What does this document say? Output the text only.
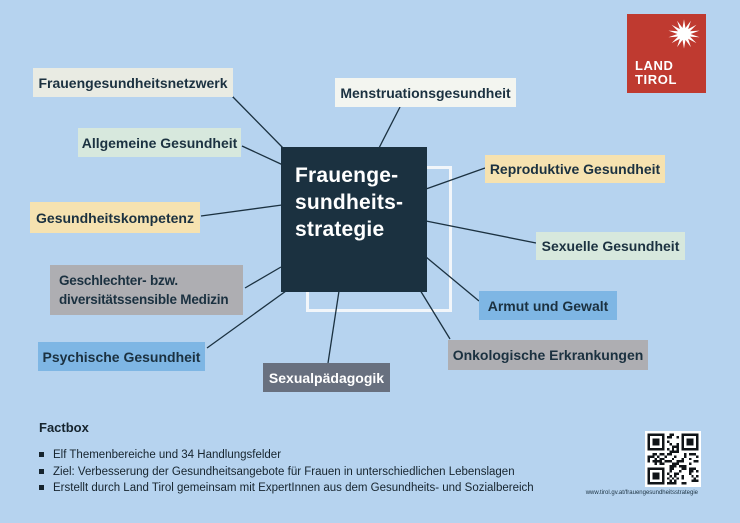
Frauenge-
sundheits-
strategie
Frauengesundheitsnetzwerk
Menstruationsgesundheit
Allgemeine Gesundheit
Gesundheitskompetenz
Geschlechter- bzw.
diversitätssensible Medizin
Psychische Gesundheit
Sexualpädagogik
Reproduktive Gesundheit
Sexuelle Gesundheit
Armut und Gewalt
Onkologische Erkrankungen
LAND
TIROL
Factbox
Elf Themenbereiche und 34 Handlungsfelder
Ziel: Verbesserung der Gesundheitsangebote für Frauen in unterschiedlichen Lebenslagen
Erstellt durch Land Tirol gemeinsam mit ExpertInnen aus dem Gesundheits- und Sozialbereich	www.tirol.gv.at/frauengesundheitsstrategie
